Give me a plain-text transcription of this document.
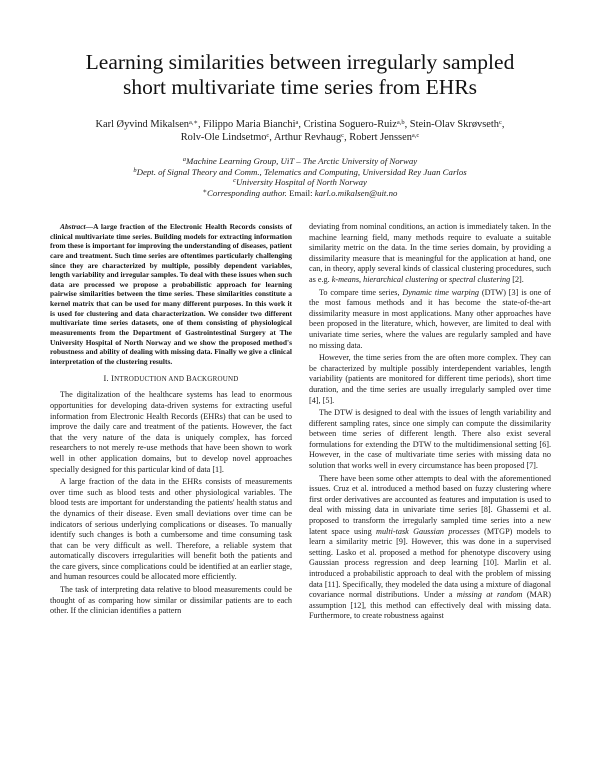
Learning similarities between irregularly sampled
short multivariate time series from EHRs
Karl Øyvind Mikalsen$^{a,∗}$, Filippo Maria Bianchi$^a$, Cristina Soguero-Ruiz$^{a,b}$, Stein-Olav Skrøvseth$^c$,
Rolv-Ole Lindsetmo$^c$, Arthur Revhaug$^c$, Robert Jenssen$^{a,c}$
$^a$Machine Learning Group, UiT – The Arctic University of Norway
$^b$Dept. of Signal Theory and Comm., Telematics and Computing, Universidad Rey Juan Carlos
$^c$University Hospital of North Norway
∗Corresponding author. Email: karl.o.mikalsen@uit.no

Abstract—A large fraction of the Electronic Health Records consists of clinical multivariate time series. Building models for extracting information from these is important for improving the understanding of diseases, patient care and treatment. Such time series are oftentimes particularly challenging since they are characterized by multiple, possibly dependent variables, length variability and irregular samples. To deal with these issues when such data are processed we propose a probabilistic approach for learning pairwise similarities between the time series. These similarities constitute a kernel matrix that can be used for many different purposes. In this work it is used for clustering and data characterization. We consider two different multivariate time series datasets, one of them consisting of physiological measurements from the Department of Gastrointestinal Surgery at The University Hospital of North Norway and we show the proposed method's robustness and ability of dealing with missing data. Finally we give a clinical interpretation of the clustering results.

I. INTRODUCTION AND BACKGROUND

The digitalization of the healthcare systems has lead to enormous opportunities for developing data-driven systems for extracting useful information from Electronic Health Records (EHRs) that can be used to improve the daily care and treatment of the patients. However, the fact that the very nature of the data is uniquely complex, has forced researchers to not merely re-use methods that have been shown to work well in other application domains, but to develop novel approaches specially designed for this particular kind of data [1].

A large fraction of the data in the EHRs consists of measurements over time such as blood tests and other physiological variables. The blood tests are important for understanding the patients' health status and the dynamics of their disease. Even small deviations over time can be indicators of serious underlying complications or diseases. To manually identify such changes is both a cumbersome and time consuming task that can be very difficult as well. Therefore, a reliable system that automatically discovers irregularities will benefit both the patients and the care givers, since complications could be identified at an earlier stage, and human resources could be allocated more efficiently.

The task of interpreting data relative to blood measurements could be thought of as comparing how similar or dissimilar patients are to each other. If the clinician identifies a pattern

deviating from nominal conditions, an action is immediately taken. In the machine learning field, many methods require to evaluate a suitable similarity metric on the data. In the time series domain, by providing a dissimilarity measure that is meaningful for the application at hand, one can, in theory, apply several kinds of classical clustering procedures, such as e.g. k-means, hierarchical clustering or spectral clustering [2].

To compare time series, Dynamic time warping (DTW) [3] is one of the most famous methods and it has become the state-of-the-art dissimilarity measure in most applications. Many other approaches have been proposed in the literature, which, however, are limited to deal with univariate time series, where the values are regularly sampled and have no missing data.

However, the time series from the are often more complex. They can be characterized by multiple possibly interdependent variables, length variability (patients are monitored for different time periods), short time duration, and the time series are usually irregularly sampled over time [4], [5].

The DTW is designed to deal with the issues of length variability and different sampling rates, since one simply can compute the dissimilarity between time series of different length. There also exist several formulations for extending the DTW to the multidimensional setting [6]. However, in the case of multivariate time series with missing data no solution that works well in every circumstance has been proposed [7].

There have been some other attempts to deal with the aforementioned issues. Cruz et al. introduced a method based on fuzzy clustering where first order derivatives are accounted as features and imputation is used to deal with missing data in univariate time series [8]. Ghassemi et al. proposed to transform the irregularly sampled time series into a new latent space using multi-task Gaussian processes (MTGP) models to learn a similarity metric [9]. However, this was done in a supervised setting. Lasko et al. proposed a method for phenotype discovery using Gaussian process regression and deep learning [10]. Marlin et al. introduced a probabilistic approach to deal with the problem of missing data [11]. Specifically, they modeled the data using a mixture of diagonal covariance normal distributions. Under a missing at random (MAR) assumption [12], this method can effectively deal with missing data. Furthermore, to create robustness against
